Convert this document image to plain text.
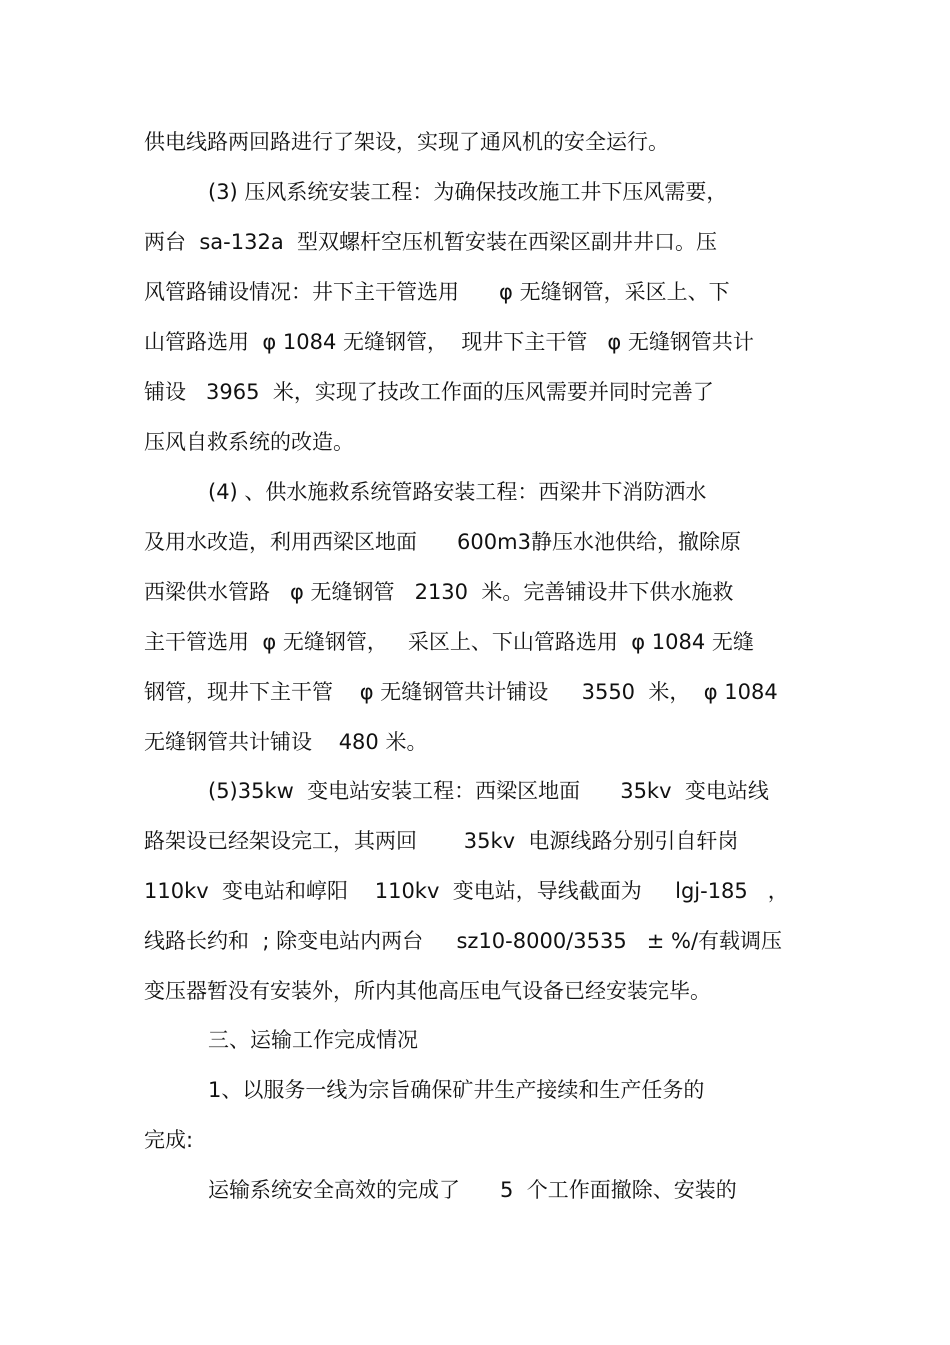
供电线路两回路进行了架设，实现了通风机的安全运行。
(3) 压风系统安装工程：为确保技改施工井下压风需要，
两台  sa-132a  型双螺杆空压机暂安装在西梁区副井井口。压
风管路铺设情况：井下主干管选用      φ 无缝钢管，采区上、下
山管路选用  φ 1084 无缝钢管，  现井下主干管   φ 无缝钢管共计
铺设   3965  米，实现了技改工作面的压风需要并同时完善了
压风自救系统的改造。
(4) 、供水施救系统管路安装工程：西梁井下消防洒水
及用水改造，利用西梁区地面      600m3静压水池供给，撤除原
西梁供水管路   φ 无缝钢管   2130  米。完善铺设井下供水施救
主干管选用  φ 无缝钢管，   采区上、下山管路选用  φ 1084 无缝
钢管，现井下主干管    φ 无缝钢管共计铺设     3550  米，  φ 1084
无缝钢管共计铺设    480 米。
(5)35kw  变电站安装工程：西梁区地面      35kv  变电站线
路架设已经架设完工，其两回       35kv  电源线路分别引自轩岗
110kv  变电站和崞阳    110kv  变电站，导线截面为     lgj-185   ，
线路长约和  ; 除变电站内两台     sz10-8000/3535   ± %/有载调压
变压器暂没有安装外，所内其他高压电气设备已经安装完毕。
三、运输工作完成情况
1、以服务一线为宗旨确保矿井生产接续和生产任务的
完成:
运输系统安全高效的完成了      5  个工作面撤除、安装的
